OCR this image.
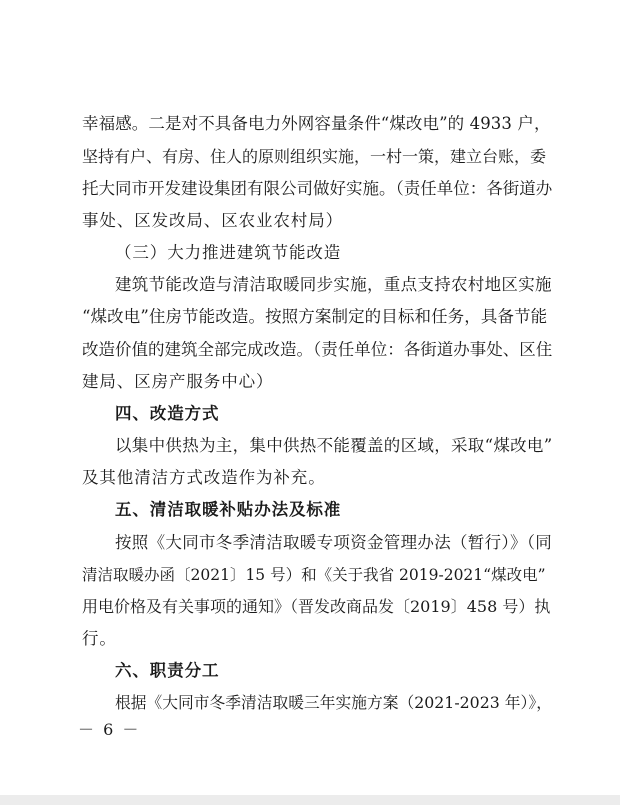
幸福感。二是对不具备电力外网容量条件“煤改电”的 4933 户，
坚持有户、有房、住人的原则组织实施，一村一策，建立台账，委
托大同市开发建设集团有限公司做好实施。（责任单位：各街道办
事处、区发改局、区农业农村局）
（三）大力推进建筑节能改造
建筑节能改造与清洁取暖同步实施，重点支持农村地区实施
“煤改电”住房节能改造。按照方案制定的目标和任务，具备节能
改造价值的建筑全部完成改造。（责任单位：各街道办事处、区住
建局、区房产服务中心）
四、改造方式
以集中供热为主，集中供热不能覆盖的区域，采取“煤改电”
及其他清洁方式改造作为补充。
五、清洁取暖补贴办法及标准
按照《大同市冬季清洁取暖专项资金管理办法（暂行）》（同
清洁取暖办函〔2021〕15 号）和《关于我省 2019-2021“煤改电”
用电价格及有关事项的通知》（晋发改商品发〔2019〕458 号）执
行。
六、职责分工
根据《大同市冬季清洁取暖三年实施方案（2021-2023 年）》，
－ 6 －
